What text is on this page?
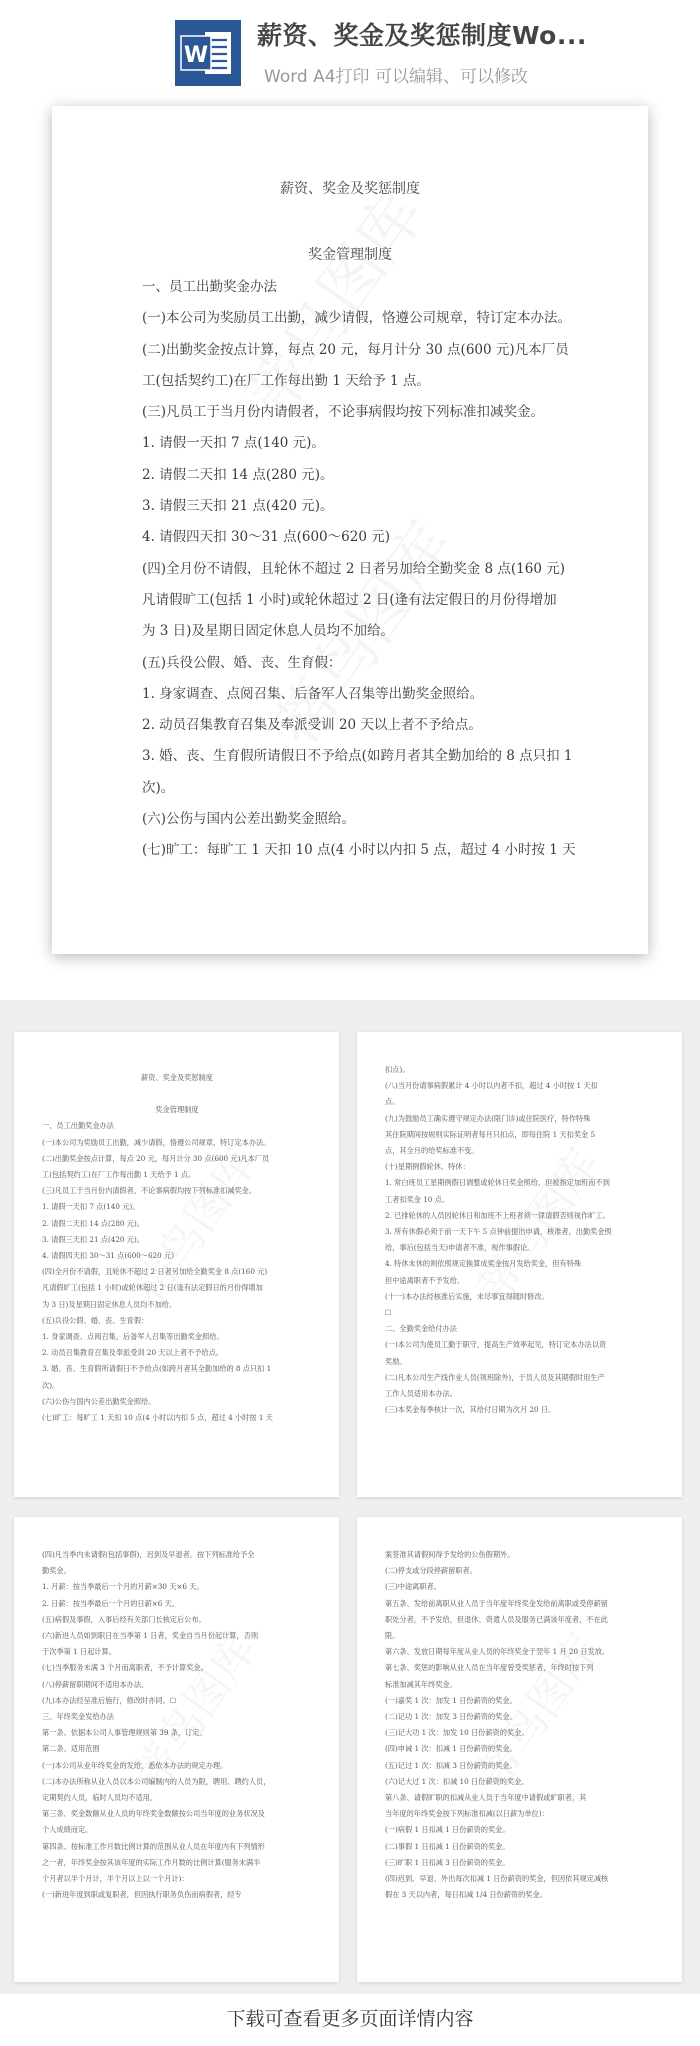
W
薪资、奖金及奖惩制度Wo...
Word A4打印 可以编辑、可以修改
薪资、奖金及奖惩制度
奖金管理制度

一、员工出勤奖金办法

(一)本公司为奖励员工出勤，减少请假，恪遵公司规章，特订定本办法。

(二)出勤奖金按点计算，每点 20 元，每月计分 30 点(600 元)凡本厂员

工(包括契约工)在厂工作每出勤 1 天给予 1 点。

(三)凡员工于当月份内请假者，不论事病假均按下列标准扣减奖金。

1. 请假一天扣 7 点(140 元)。

2. 请假二天扣 14 点(280 元)。

3. 请假三天扣 21 点(420 元)。

4. 请假四天扣 30～31 点(600～620 元)

(四)全月份不请假，且轮休不超过 2 日者另加给全勤奖金 8 点(160 元)

凡请假旷工(包括 1 小时)或轮休超过 2 日(逢有法定假日的月份得增加

为 3 日)及星期日固定休息人员均不加给。

(五)兵役公假、婚、丧、生育假：

1. 身家调查、点阅召集、后备军人召集等出勤奖金照给。

2. 动员召集教育召集及奉派受训 20 天以上者不予给点。

3. 婚、丧、生育假所请假日不予给点(如跨月者其全勤加给的 8 点只扣 1

次)。

(六)公伤与国内公差出勤奖金照给。

(七)旷工：每旷工 1 天扣 10 点(4 小时以内扣 5 点，超过 4 小时按 1 天

薪资、奖金及奖惩制度

奖金管理制度

一、员工出勤奖金办法

(一)本公司为奖励员工出勤，减少请假，恪遵公司规章，特订定本办法。

(二)出勤奖金按点计算，每点 20 元，每月计分 30 点(600 元)凡本厂员

工(包括契约工)在厂工作每出勤 1 天给予 1 点。

(三)凡员工于当月份内请假者，不论事病假均按下列标准扣减奖金。

1. 请假一天扣 7 点(140 元)。

2. 请假二天扣 14 点(280 元)。

3. 请假三天扣 21 点(420 元)。

4. 请假四天扣 30～31 点(600～620 元)

(四)全月份不请假，且轮休不超过 2 日者另加给全勤奖金 8 点(160 元)

凡请假旷工(包括 1 小时)或轮休超过 2 日(逢有法定假日的月份得增加

为 3 日)及星期日固定休息人员均不加给。

(五)兵役公假、婚、丧、生育假：

1. 身家调查、点阅召集、后备军人召集等出勤奖金照给。

2. 动员召集教育召集及奉派受训 20 天以上者不予给点。

3. 婚、丧、生育假所请假日不予给点(如跨月者其全勤加给的 8 点只扣 1

次)。

(六)公伤与国内公差出勤奖金照给。

(七)旷工：每旷工 1 天扣 10 点(4 小时以内扣 5 点，超过 4 小时按 1 天

扣点)。

(八)当月份请事病假累计 4 小时以内者不扣，超过 4 小时按 1 天扣

点。

(九)为鼓励员工确实遵守规定办法(限门诊)或住院医疗，特作特殊

其住院期间按规则实际证明者每月只扣点，即每住院 1 天扣奖金 5

点，其全月的给奖标准不变。

(十)星期例假轮休、特休：

1. 常白班员工星期例假日调整或轮休日奖金照给，但被指定加班而不到

工者扣奖金 10 点。

2. 已排轮休的人员因轮休日和加班不上班者须一律请假否则视作旷工。

3. 所有休假必须于前一天下午 5 点钟前提出申请，核准者，出勤奖金照

给，事后(包括当天)申请者不准，视作事假论。

4. 特休未休的则依照规定换算成奖金按月发给奖金，但有特殊

但中途离职者不予发给。

(十一)本办法经核准后实施，未尽事宜得随时修改。

☐

二、全勤奖金给付办法

(一)本公司为使员工勤于职守，提高生产效率起见，特订定本办法以资

奖励。

(二)凡本公司生产线作业人员(领班除外)，于员人员及其期假时用生产

工作人员适用本办法。

(三)本奖金每季核计一次，其给付日期为次月 20 日。

(四)凡当季内未请假(包括事假)，迟到及早退者，按下列标准给予全

勤奖金。

1. 月薪：按当季最后一个月的月薪×30 天×6 天。

2. 日薪：按当季最后一个月的日薪×6 天。

(五)病假及事假，入事后经有关部门长核定后公布。

(六)新进人员如到职日在当季第 1 日者，奖金自当月份起计算，否则

于次季第 1 日起计算。

(七)当季服务未满 3 个月而离职者，不予计算奖金。

(八)停薪留职期间不适用本办法。

(九)本办法经呈准后施行，修改时亦同。☐

三、年终奖金发给办法

第一条、依据本公司人事管理规则第 39 条，订定。

第二条、适用范围

(一)本公司从业年终奖金的发给，悉依本办法的规定办理。

(二)本办法所称从业人员以本公司编制内的人员为限，聘用、聘约人员，

定期契约人员，临时人员均不适用。

第三条、奖金数额从业人员的年终奖金数额按公司当年度的业务状况及

个人成绩而定。

第四条、按标准工作月数比例计算的范围从业人员在年度内有下列情形

之一者，年终奖金按其该年度的实际工作月数的比例计算(服务未满半

个月者以半个月计，半个月以上以一个月计)：

(一)新进年度到职或复职者，但因执行职务负伤而病假者，经专

案签准其请假间得予发给的公伤假期外。

(二)停支或分段停薪留职者。

(三)中途离职者。

第五条、发给前离职从业人员于当年度年终奖金发给前离职或受停薪留

职处分者，不予发给，但退休、资遣人员及服务已满该年度者，不在此

限。

第六条、发放日期每年度从业人员的年终奖金于翌年 1 月 20 日发放。

第七条、奖惩的影响从业人员在当年度曾受奖惩者，年终时按下列

标准加减其年终奖金。

(一)嘉奖 1 次：加发 1 日份薪资的奖金。

(二)记功 1 次：加发 3 日份薪资的奖金。

(三)记大功 1 次：加发 10 日份薪资的奖金。

(四)申诫 1 次：扣减 1 日份薪资的奖金。

(五)记过 1 次：扣减 3 日份薪资的奖金。

(六)记大过 1 次：扣减 10 日份薪资的奖金。

第八条、请假旷职的扣减从业人员于当年度中请假或旷职者，其

当年度的年终奖金按下列标准扣减(以日薪为单位)：

(一)病假 1 日扣减 1 日份薪资的奖金。

(二)事假 1 日扣减 1 日份薪资的奖金。

(三)旷职 1 日扣减 3 日份薪资的奖金。

(四)迟到、早退、外出每次扣减 1 日份薪资的奖金，但因依其规定减核

假在 3 天以内者，每日扣减 1/4 日份薪资的奖金。

下载可查看更多页面详情内容
